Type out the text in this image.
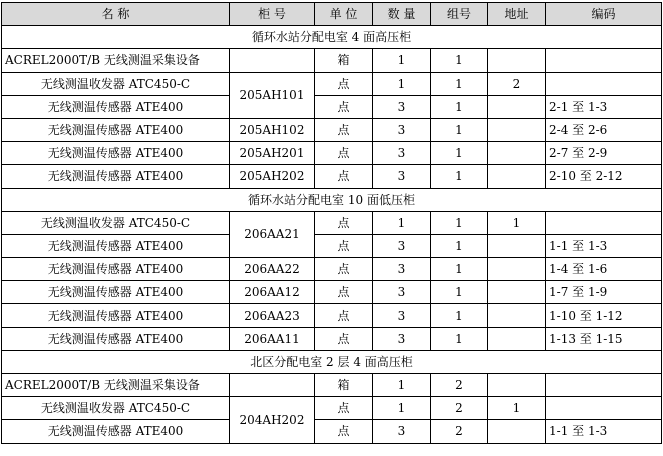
名 称	柜 号	单 位	数 量	组号	地址	编码
循环水站分配电室 4 面高压柜						
ACREL2000T/B 无线测温采集设备		箱	1	1		
无线测温收发器 ATC450-C	205AH101	点	1	1	2	
无线测温传感器 ATE400		点	3	1		2-1 至 1-3
无线测温传感器 ATE400	205AH102	点	3	1		2-4 至 2-6
无线测温传感器 ATE400	205AH201	点	3	1		2-7 至 2-9
无线测温传感器 ATE400	205AH202	点	3	1		2-10 至 2-12
循环水站分配电室 10 面低压柜						
无线测温收发器 ATC450-C	206AA21	点	1	1	1	
无线测温传感器 ATE400		点	3	1		1-1 至 1-3
无线测温传感器 ATE400	206AA22	点	3	1		1-4 至 1-6
无线测温传感器 ATE400	206AA12	点	3	1		1-7 至 1-9
无线测温传感器 ATE400	206AA23	点	3	1		1-10 至 1-12
无线测温传感器 ATE400	206AA11	点	3	1		1-13 至 1-15
北区分配电室 2 层 4 面高压柜						
ACREL2000T/B 无线测温采集设备		箱	1	2		
无线测温收发器 ATC450-C	204AH202	点	1	2	1	
无线测温传感器 ATE400		点	3	2		1-1 至 1-3
